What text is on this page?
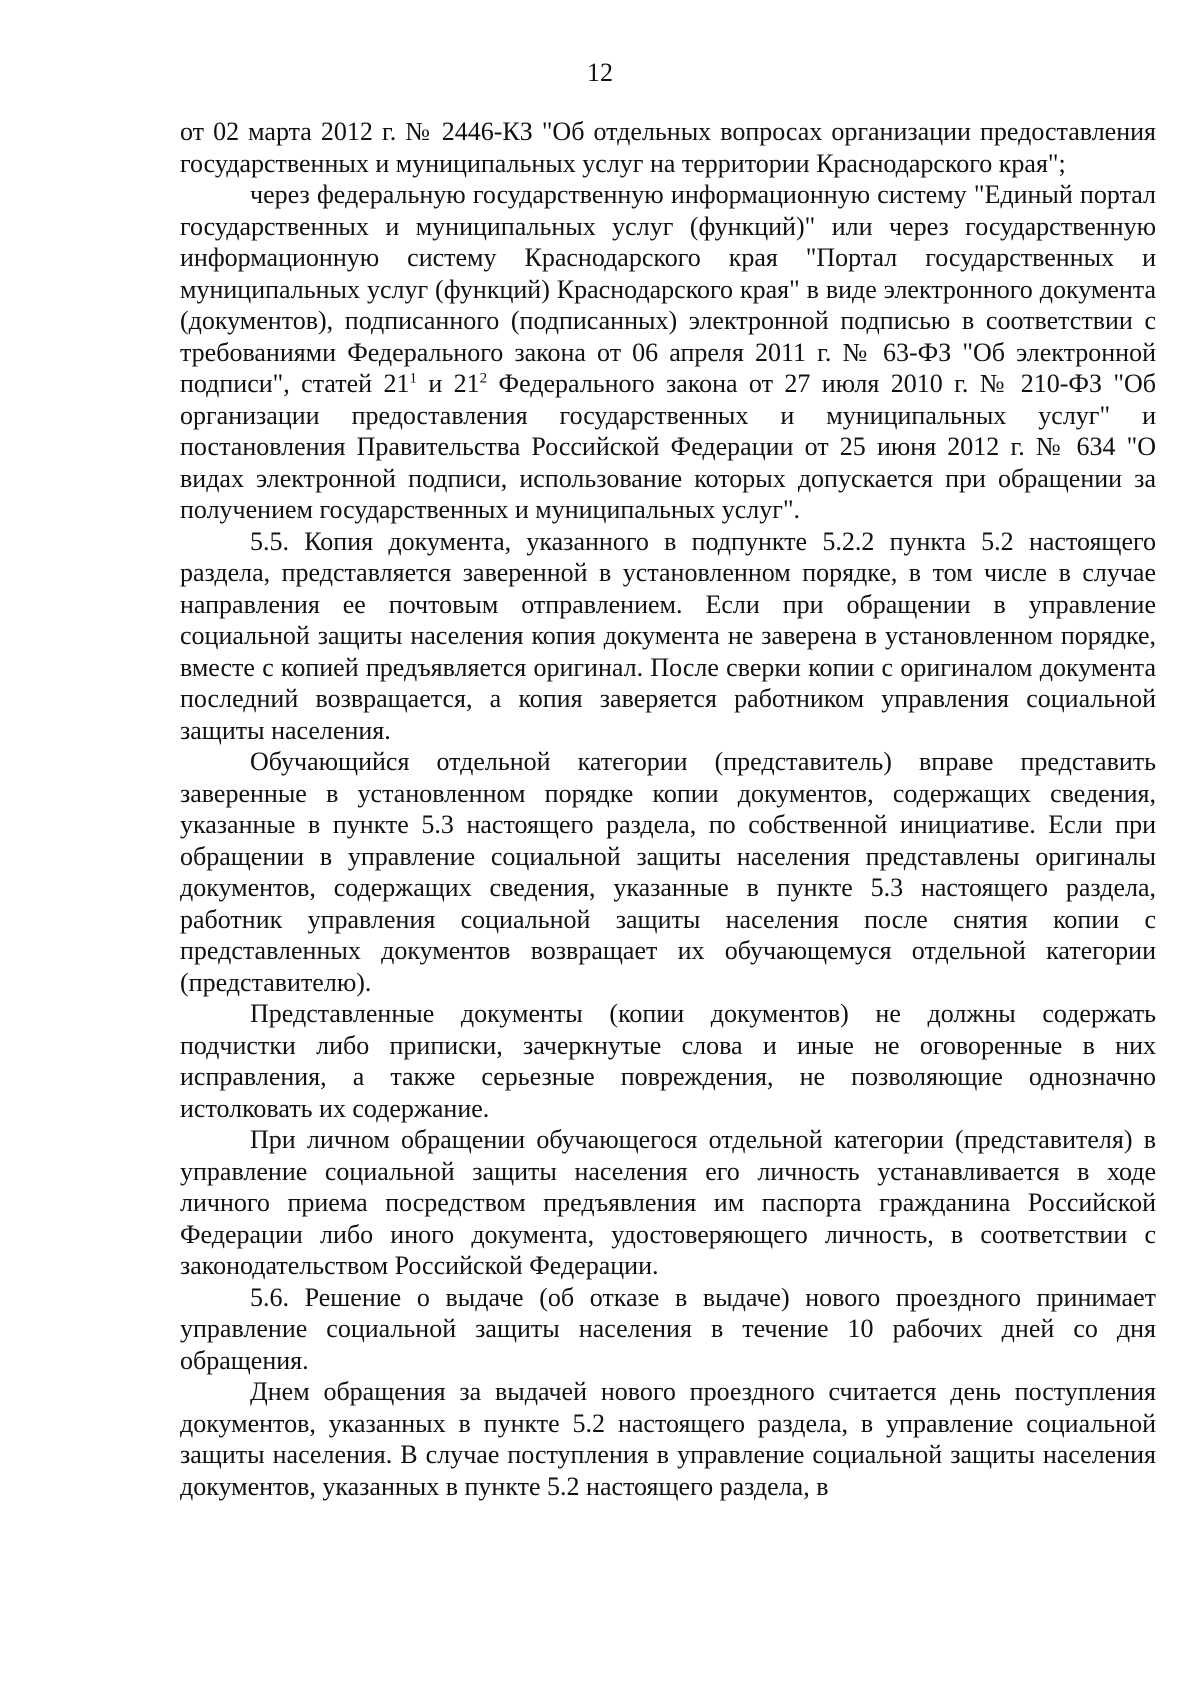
12

от 02 марта 2012 г. № 2446-КЗ "Об отдельных вопросах организации предоставления государственных и муниципальных услуг на территории Краснодарского края";

через федеральную государственную информационную систему "Единый портал государственных и муниципальных услуг (функций)" или через государственную информационную систему Краснодарского края "Портал государственных и муниципальных услуг (функций) Краснодарского края" в виде электронного документа (документов), подписанного (подписанных) электронной подписью в соответствии с требованиями Федерального закона от 06 апреля 2011 г. № 63-ФЗ "Об электронной подписи", статей $21^1$ и $21^2$ Федерального закона от 27 июля 2010 г. № 210-ФЗ "Об организации предоставления государственных и муниципальных услуг" и постановления Правительства Российской Федерации от 25 июня 2012 г. № 634 "О видах электронной подписи, использование которых допускается при обращении за получением государственных и муниципальных услуг".

5.5. Копия документа, указанного в подпункте 5.2.2 пункта 5.2 настоящего раздела, представляется заверенной в установленном порядке, в том числе в случае направления ее почтовым отправлением. Если при обращении в управление социальной защиты населения копия документа не заверена в установленном порядке, вместе с копией предъявляется оригинал. После сверки копии с оригиналом документа последний возвращается, а копия заверяется работником управления социальной защиты населения.

Обучающийся отдельной категории (представитель) вправе представить заверенные в установленном порядке копии документов, содержащих сведения, указанные в пункте 5.3 настоящего раздела, по собственной инициативе. Если при обращении в управление социальной защиты населения представлены оригиналы документов, содержащих сведения, указанные в пункте 5.3 настоящего раздела, работник управления социальной защиты населения после снятия копии с представленных документов возвращает их обучающемуся отдельной категории (представителю).

Представленные документы (копии документов) не должны содержать подчистки либо приписки, зачеркнутые слова и иные не оговоренные в них исправления, а также серьезные повреждения, не позволяющие однозначно истолковать их содержание.

При личном обращении обучающегося отдельной категории (представителя) в управление социальной защиты населения его личность устанавливается в ходе личного приема посредством предъявления им паспорта гражданина Российской Федерации либо иного документа, удостоверяющего личность, в соответствии с законодательством Российской Федерации.

5.6. Решение о выдаче (об отказе в выдаче) нового проездного принимает управление социальной защиты населения в течение 10 рабочих дней со дня обращения.

Днем обращения за выдачей нового проездного считается день поступления документов, указанных в пункте 5.2 настоящего раздела, в управление социальной защиты населения. В случае поступления в управление социальной защиты населения документов, указанных в пункте 5.2 настоящего раздела, в
